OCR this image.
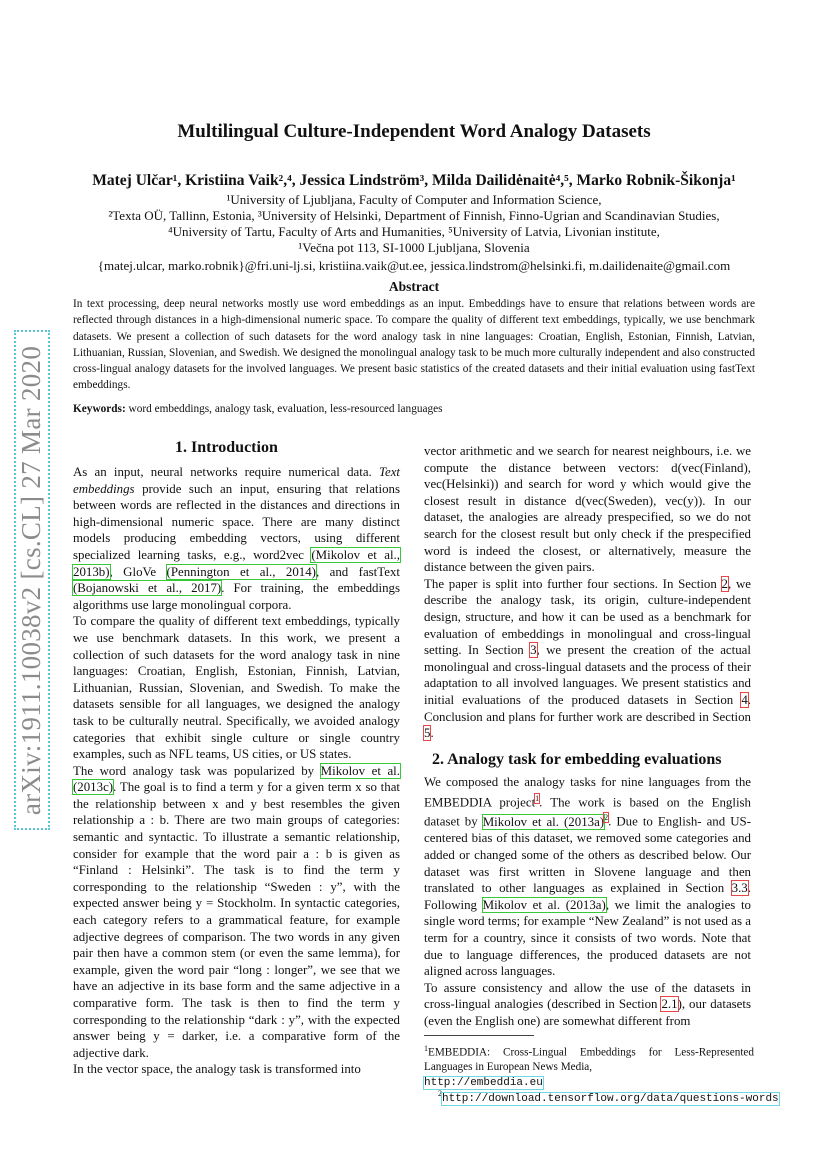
arXiv:1911.10038v2 [cs.CL] 27 Mar 2020
Multilingual Culture-Independent Word Analogy Datasets
Matej Ulčar¹, Kristiina Vaik²,⁴, Jessica Lindström³, Milda Dailidėnaitė⁴,⁵, Marko Robnik-Šikonja¹
¹University of Ljubljana, Faculty of Computer and Information Science,
²Texta OÜ, Tallinn, Estonia, ³University of Helsinki, Department of Finnish, Finno-Ugrian and Scandinavian Studies,
⁴University of Tartu, Faculty of Arts and Humanities, ⁵University of Latvia, Livonian institute,
¹Večna pot 113, SI-1000 Ljubljana, Slovenia
{matej.ulcar, marko.robnik}@fri.uni-lj.si, kristiina.vaik@ut.ee, jessica.lindstrom@helsinki.fi, m.dailidenaite@gmail.com
Abstract
In text processing, deep neural networks mostly use word embeddings as an input. Embeddings have to ensure that relations between words are reflected through distances in a high-dimensional numeric space. To compare the quality of different text embeddings, typically, we use benchmark datasets. We present a collection of such datasets for the word analogy task in nine languages: Croatian, English, Estonian, Finnish, Latvian, Lithuanian, Russian, Slovenian, and Swedish. We designed the monolingual analogy task to be much more culturally independent and also constructed cross-lingual analogy datasets for the involved languages. We present basic statistics of the created datasets and their initial evaluation using fastText embeddings.
Keywords: word embeddings, analogy task, evaluation, less-resourced languages
1. Introduction

As an input, neural networks require numerical data. Text embeddings provide such an input, ensuring that relations between words are reflected in the distances and directions in high-dimensional numeric space. There are many distinct models producing embedding vectors, using different specialized learning tasks, e.g., word2vec (Mikolov et al., 2013b), GloVe (Pennington et al., 2014), and fastText (Bojanowski et al., 2017). For training, the embeddings algorithms use large monolingual corpora.

To compare the quality of different text embeddings, typically we use benchmark datasets. In this work, we present a collection of such datasets for the word analogy task in nine languages: Croatian, English, Estonian, Finnish, Latvian, Lithuanian, Russian, Slovenian, and Swedish. To make the datasets sensible for all languages, we designed the analogy task to be culturally neutral. Specifically, we avoided analogy categories that exhibit single culture or single country examples, such as NFL teams, US cities, or US states.

The word analogy task was popularized by Mikolov et al. (2013c). The goal is to find a term y for a given term x so that the relationship between x and y best resembles the given relationship a : b. There are two main groups of categories: semantic and syntactic. To illustrate a semantic relationship, consider for example that the word pair a : b is given as “Finland : Helsinki”. The task is to find the term y corresponding to the relationship “Sweden : y”, with the expected answer being y = Stockholm. In syntactic categories, each category refers to a grammatical feature, for example adjective degrees of comparison. The two words in any given pair then have a common stem (or even the same lemma), for example, given the word pair “long : longer”, we see that we have an adjective in its base form and the same adjective in a comparative form. The task is then to find the term y corresponding to the relationship “dark : y”, with the expected answer being y = darker, i.e. a comparative form of the adjective dark.

In the vector space, the analogy task is transformed into

vector arithmetic and we search for nearest neighbours, i.e. we compute the distance between vectors: d(vec(Finland), vec(Helsinki)) and search for word y which would give the closest result in distance d(vec(Sweden), vec(y)). In our dataset, the analogies are already prespecified, so we do not search for the closest result but only check if the prespecified word is indeed the closest, or alternatively, measure the distance between the given pairs.

The paper is split into further four sections. In Section 2, we describe the analogy task, its origin, culture-independent design, structure, and how it can be used as a benchmark for evaluation of embeddings in monolingual and cross-lingual setting. In Section 3, we present the creation of the actual monolingual and cross-lingual datasets and the process of their adaptation to all involved languages. We present statistics and initial evaluations of the produced datasets in Section 4. Conclusion and plans for further work are described in Section 5.

2. Analogy task for embedding evaluations

We composed the analogy tasks for nine languages from the EMBEDDIA project$^1$. The work is based on the English dataset by Mikolov et al. $(2013a)^2$. Due to English- and US-centered bias of this dataset, we removed some categories and added or changed some of the others as described below. Our dataset was first written in Slovene language and then translated to other languages as explained in Section 3.3. Following Mikolov et al. (2013a), we limit the analogies to single word terms; for example “New Zealand” is not used as a term for a country, since it consists of two words. Note that due to language differences, the produced datasets are not aligned across languages.

To assure consistency and allow the use of the datasets in cross-lingual analogies (described in Section 2.1), our datasets (even the English one) are somewhat different from

$^1$EMBEDDIA: Cross-Lingual Embeddings for Less-Represented Languages in European News Media,
http://embeddia.eu
$^2$http://download.tensorflow.org/data/questions-words
